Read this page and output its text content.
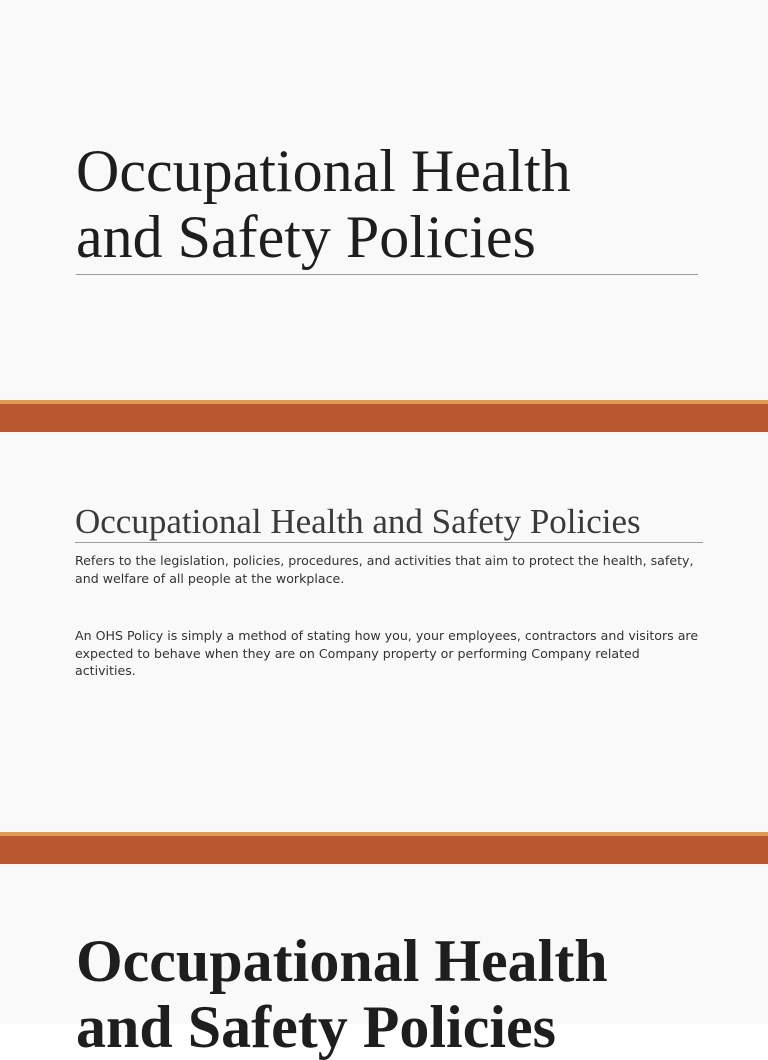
Occupational Health
and Safety Policies
Occupational Health and Safety Policies

Refers to the legislation, policies, procedures, and activities that aim to protect the health, safety, and welfare of all people at the workplace.

An OHS Policy is simply a method of stating how you, your employees, contractors and visitors are expected to behave when they are on Company property or performing Company related activities.

Occupational Health
and Safety Policies
